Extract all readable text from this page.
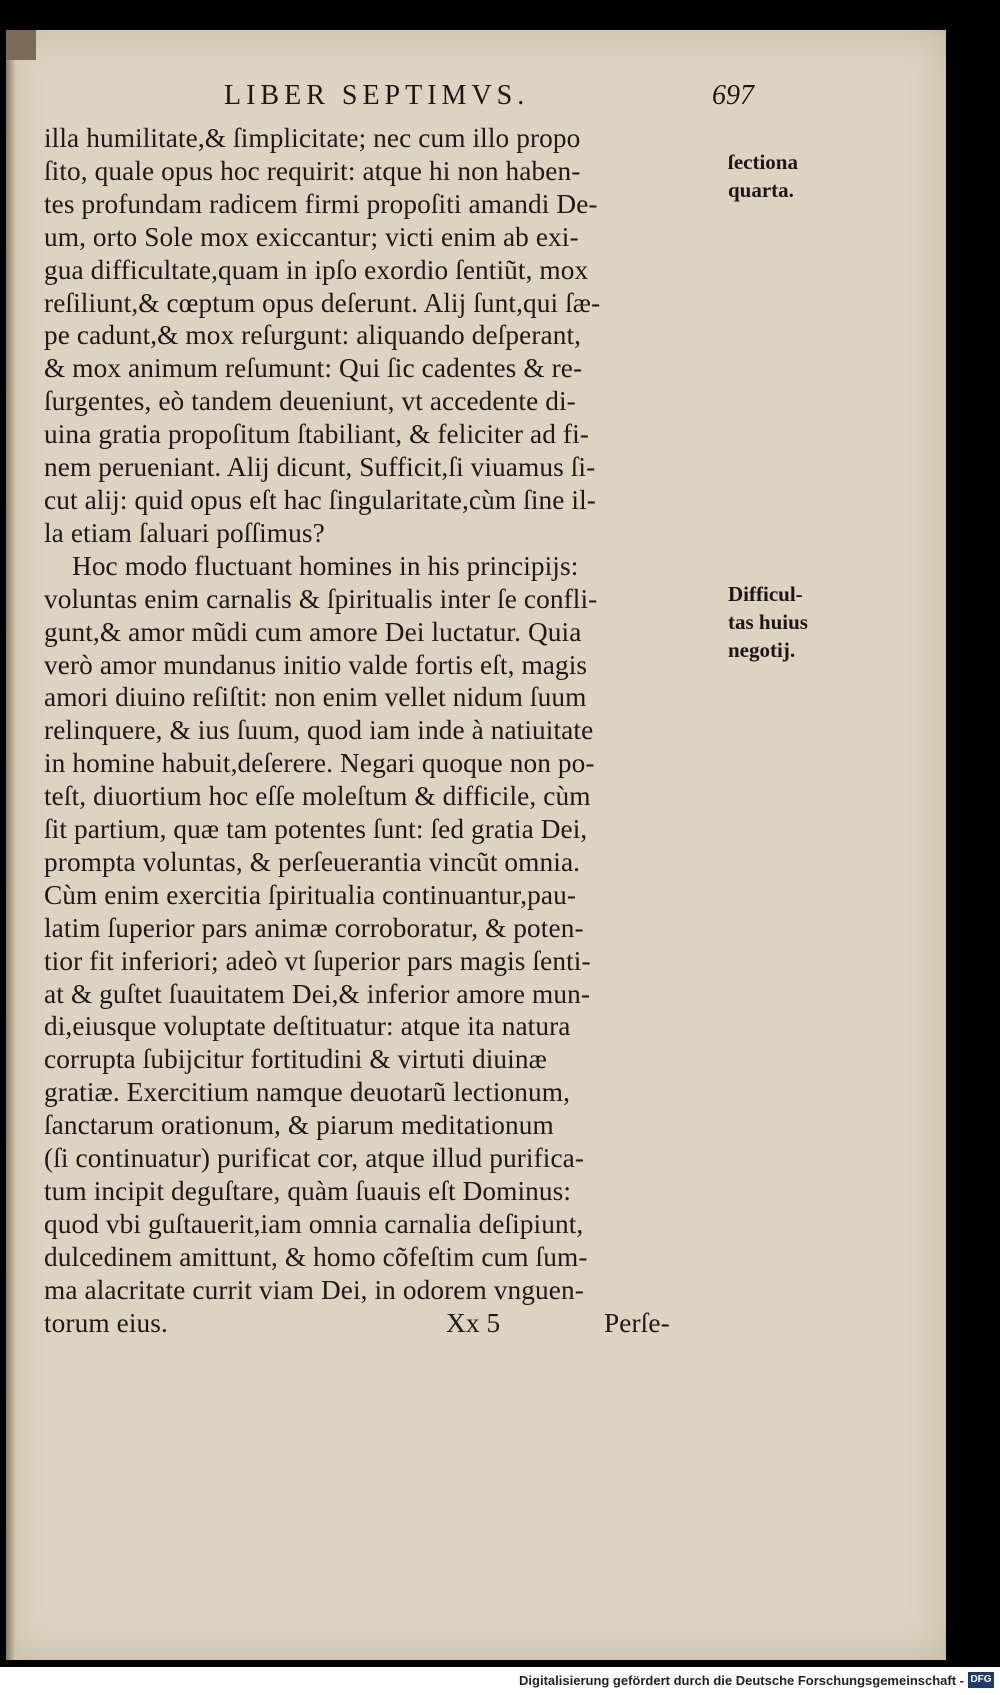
LIBER SEPTIMVS.	697
ſectiona
quarta.
Difficul-
tas huius
negotij.
illa humilitate,& ſimplicitate; nec cum illo propo
ſito, quale opus hoc requirit: atque hi non haben-
tes profundam radicem firmi propoſiti amandi De-
um, orto Sole mox exiccantur; victi enim ab exi-
gua difficultate,quam in ipſo exordio ſentiũt, mox
reſiliunt,& cœptum opus deſerunt. Alij ſunt,qui ſæ-
pe cadunt,& mox reſurgunt: aliquando deſperant,
& mox animum reſumunt: Qui ſic cadentes & re-
ſurgentes, eò tandem deueniunt, vt accedente di-
uina gratia propoſitum ſtabiliant, & feliciter ad fi-
nem perueniant. Alij dicunt, Sufficit,ſi viuamus ſi-
cut alij: quid opus eſt hac ſingularitate,cùm ſine il-
la etiam ſaluari poſſimus?
Hoc modo fluctuant homines in his principijs:
voluntas enim carnalis & ſpiritualis inter ſe confli-
gunt,& amor mũdi cum amore Dei luctatur. Quia
verò amor mundanus initio valde fortis eſt, magis
amori diuino reſiſtit: non enim vellet nidum ſuum
relinquere, & ius ſuum, quod iam inde à natiuitate
in homine habuit,deſerere. Negari quoque non po-
teſt, diuortium hoc eſſe moleſtum & difficile, cùm
ſit partium, quæ tam potentes ſunt: ſed gratia Dei,
prompta voluntas, & perſeuerantia vincũt omnia.
Cùm enim exercitia ſpiritualia continuantur,pau-
latim ſuperior pars animæ corroboratur, & poten-
tior fit inferiori; adeò vt ſuperior pars magis ſenti-
at & guſtet ſuauitatem Dei,& inferior amore mun-
di,eiusque voluptate deſtituatur: atque ita natura
corrupta ſubijcitur fortitudini & virtuti diuinæ
gratiæ. Exercitium namque deuotarũ lectionum,
ſanctarum orationum, & piarum meditationum
(ſi continuatur) purificat cor, atque illud purifica-
tum incipit deguſtare, quàm ſuauis eſt Dominus:
quod vbi guſtauerit,iam omnia carnalia deſipiunt,
dulcedinem amittunt, & homo cõfeſtim cum ſum-
ma alacritate currit viam Dei, in odorem vnguen-
torum eius.	Xx 5	Perſe-
Digitalisierung gefördert durch die Deutsche Forschungsgemeinschaft - DFG
